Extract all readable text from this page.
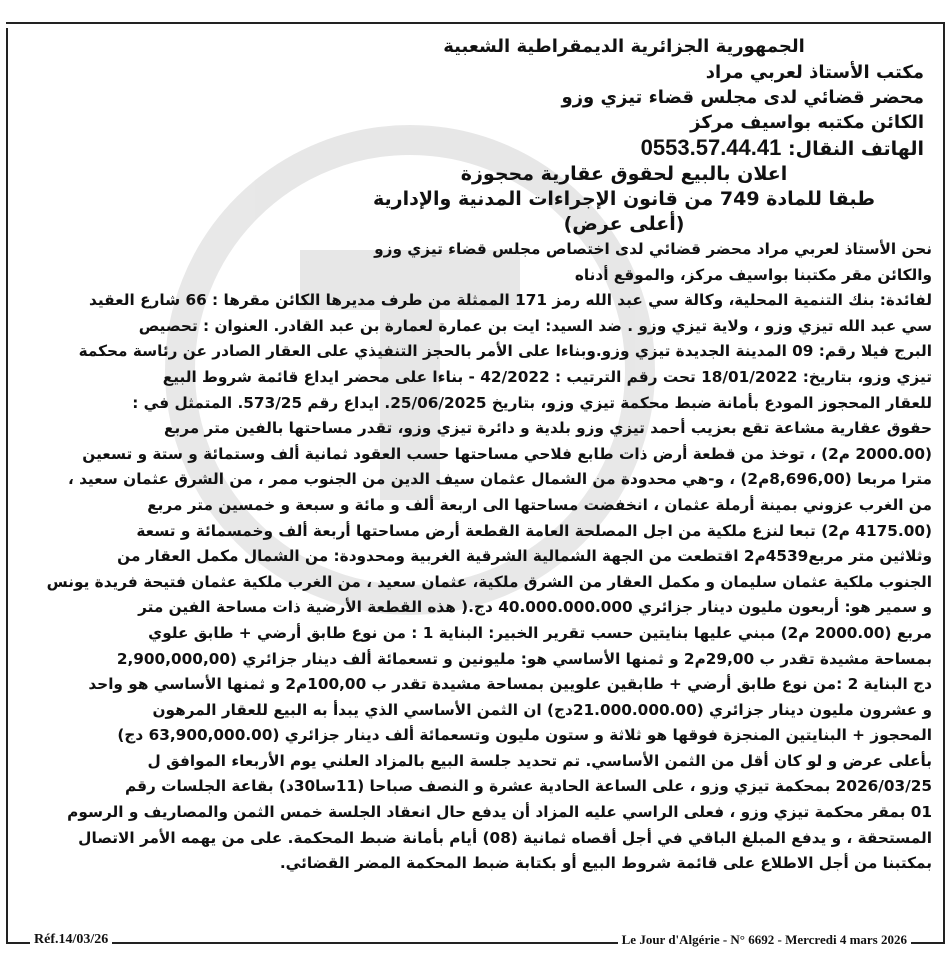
الجمهورية الجزائرية الديمقراطية الشعبية
مكتب الأستاذ لعربي مراد
محضر قضائي لدى مجلس قضاء تيزي وزو
الكائن مكتبه بواسيف مركز
الهاتف النقال: 0553.57.44.41
اعلان بالبيع لحقوق عقارية محجوزة
طبقا للمادة 749 من قانون الإجراءات المدنية والإدارية
(أعلى عرض)
نحن الأستاذ لعربي مراد محضر قضائي لدى اختصاص مجلس قضاء تيزي وزو
والكائن مقر مكتبنا بواسيف مركز، والموقع أدناه
لفائدة: بنك التنمية المحلية، وكالة سي عبد الله رمز 171 الممثلة من طرف مديرها الكائن مقرها : 66 شارع العقيد
سي عبد الله تيزي وزو ، ولاية تيزي وزو . ضد السيد: ايت بن عمارة لعمارة بن عبد القادر. العنوان : تحصيص
البرج فيلا رقم: 09 المدينة الجديدة تيزي وزو.وبناءا على الأمر بالحجز التنفيذي على العقار الصادر عن رئاسة محكمة
تيزي وزو، بتاريخ: 18/01/2022 تحت رقم الترتيب : 42/2022 - بناءا على محضر ايداع قائمة شروط البيع
للعقار المحجوز المودع بأمانة ضبط محكمة تيزي وزو، بتاريخ 25/06/2025. ايداع رقم 573/25. المتمثل في :
حقوق عقارية مشاعة تقع بعزيب أحمد تيزي وزو بلدية و دائرة تيزي وزو، تقدر مساحتها بالفين متر مربع
(2000.00 م2) ، توخذ من قطعة أرض ذات طابع فلاحي مساحتها حسب العقود ثمانية ألف وستمائة و ستة و تسعين
مترا مربعا (8,696,00م2) ، و-هي محدودة من الشمال عثمان سيف الدين من الجنوب ممر ، من الشرق عثمان سعيد ،
من الغرب عزوني بمينة أرملة عثمان ، انخفضت مساحتها الى اربعة ألف و مائة و سبعة و خمسين متر مربع
(4175.00 م2) تبعا لنزع ملكية من اجل المصلحة العامة القطعة أرض مساحتها أربعة ألف وخمسمائة و تسعة
وثلاثين متر مربع4539م2 اقتطعت من الجهة الشمالية الشرقية الغربية ومحدودة: من الشمال مكمل العقار من
الجنوب ملكية عثمان سليمان و مكمل العقار من الشرق ملكية، عثمان سعيد ، من الغرب ملكية عثمان فتيحة فريدة يونس
و سمير هو: أربعون مليون دينار جزائري 40.000.000.000 دج.( هذه القطعة الأرضية ذات مساحة الفين متر
مربع (2000.00 م2) مبني عليها بنايتين حسب تقرير الخبير: البناية 1 : من نوع طابق أرضي + طابق علوي
بمساحة مشيدة تقدر ب 29,00م2 و ثمنها الأساسي هو: مليونين و تسعمائة ألف دينار جزائري (2,900,000,00
دج البناية 2 :من نوع طابق أرضي + طابقين علويين بمساحة مشيدة تقدر ب 100,00م2 و ثمنها الأساسي هو واحد
و عشرون مليون دينار جزائري (21.000.000.00دج) ان الثمن الأساسي الذي يبدأ به البيع للعقار المرهون
المحجوز + البنايتين المنجزة فوقها هو ثلاثة و ستون مليون وتسعمائة ألف دينار جزائري (63,900,000.00 دج)
بأعلى عرض و لو كان أقل من الثمن الأساسي. تم تحديد جلسة البيع بالمزاد العلني يوم الأربعاء الموافق ل
2026/03/25 بمحكمة تيزي وزو ، على الساعة الحادية عشرة و النصف صباحا (11سا30د) بقاعة الجلسات رقم
01 بمقر محكمة تيزي وزو ، فعلى الراسي عليه المزاد أن يدفع حال انعقاد الجلسة خمس الثمن والمصاريف و الرسوم
المستحقة ، و يدفع المبلغ الباقي في أجل أقصاه ثمانية (08) أيام بأمانة ضبط المحكمة. على من يهمه الأمر الاتصال
بمكتبنا من أجل الاطلاع على قائمة شروط البيع أو بكتابة ضبط المحكمة المضر القضائي.
Réf.14/03/26	Le Jour d'Algérie - N° 6692 - Mercredi 4 mars 2026
